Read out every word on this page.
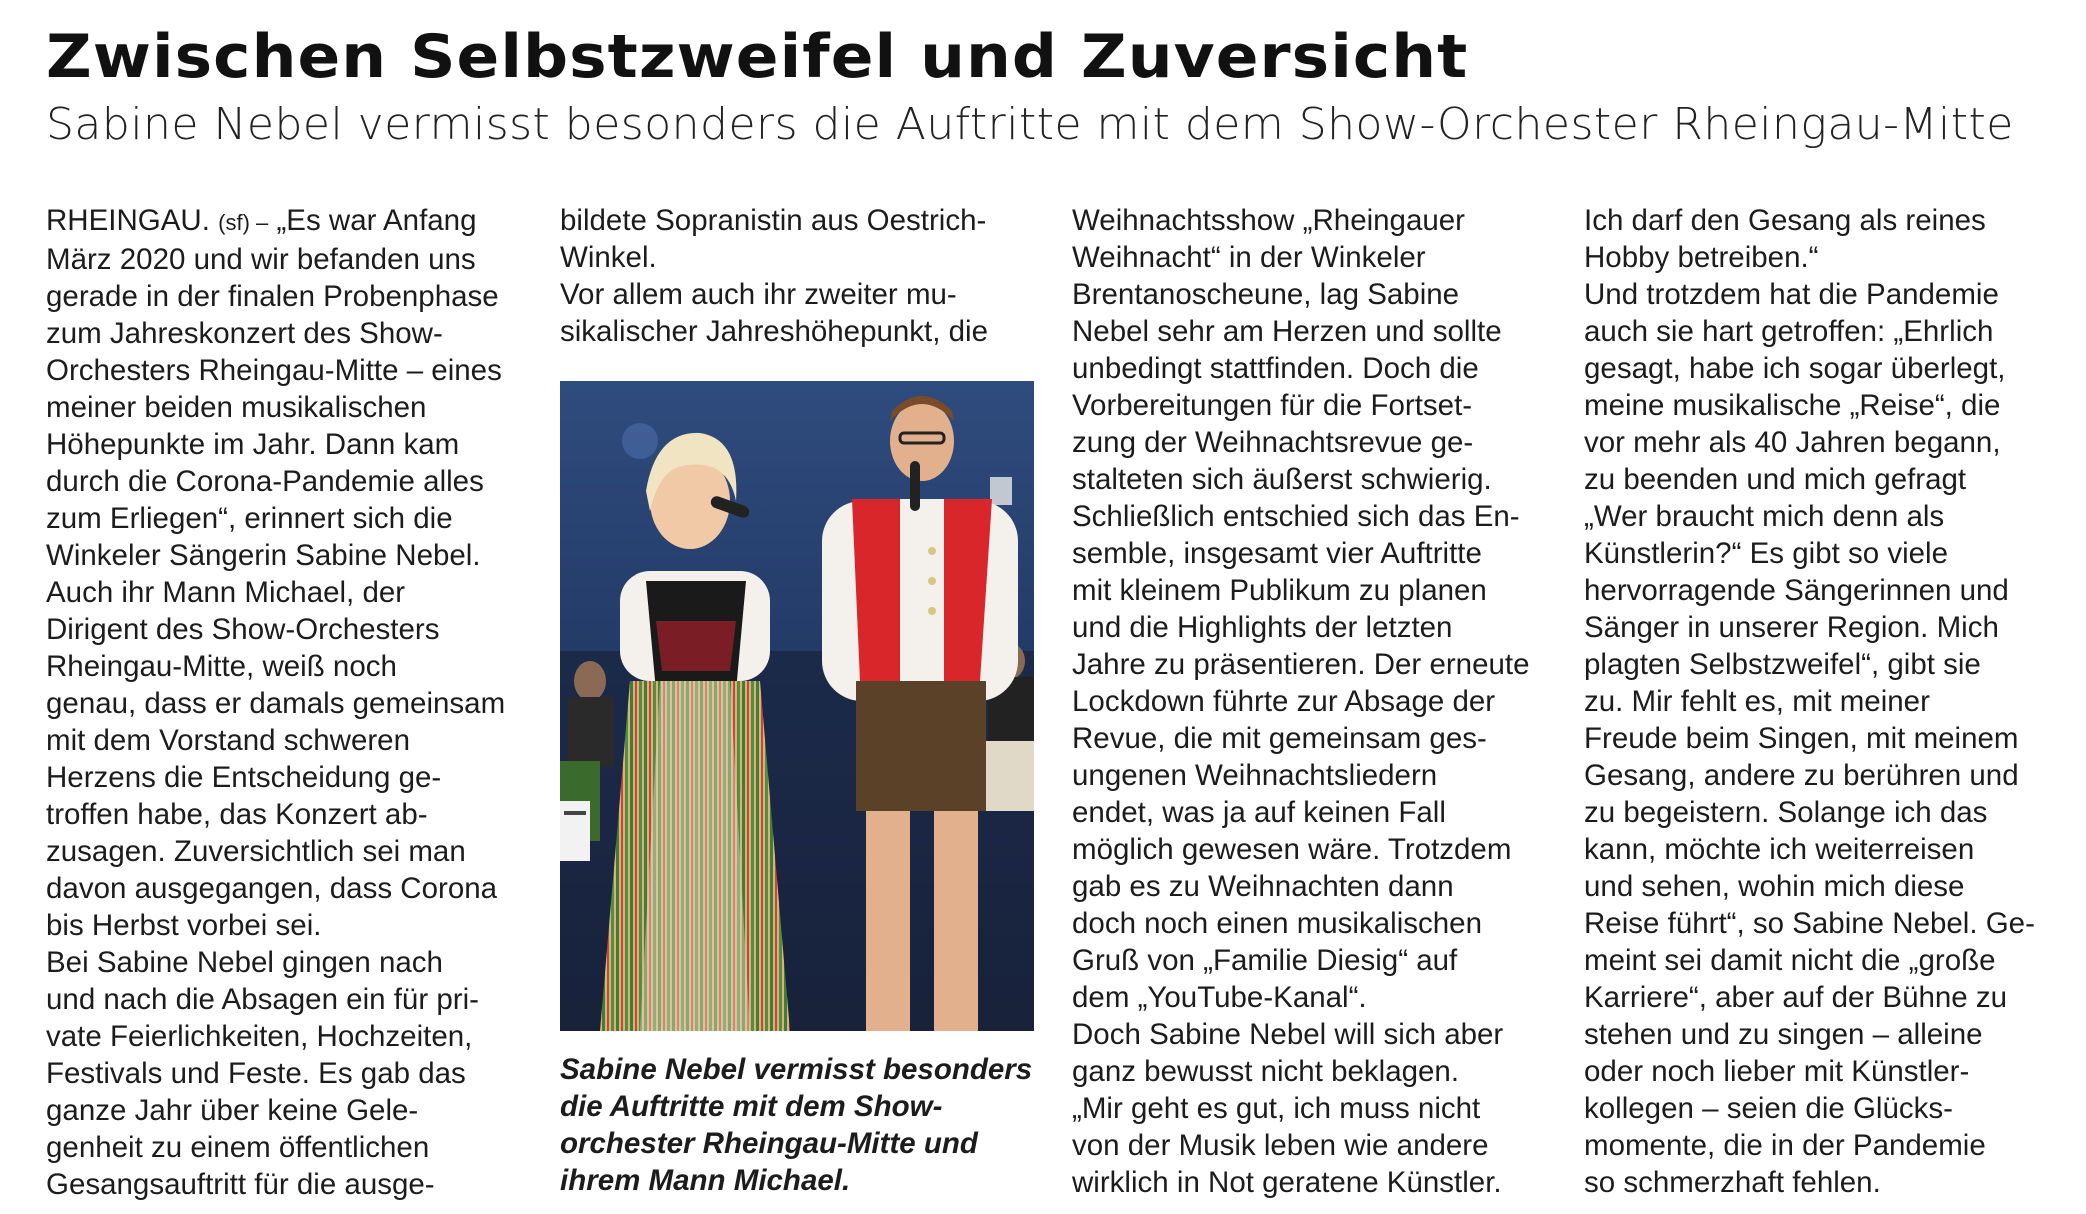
Zwischen Selbstzweifel und Zuversicht
Sabine Nebel vermisst besonders die Auftritte mit dem Show-Orchester Rheingau-Mitte

RHEINGAU. (sf) – „Es war Anfang

März 2020 und wir befanden uns

gerade in der finalen Probenphase

zum Jahreskonzert des Show-

Orchesters Rheingau-Mitte – eines

meiner beiden musikalischen

Höhepunkte im Jahr. Dann kam

durch die Corona-Pandemie alles

zum Erliegen“, erinnert sich die

Winkeler Sängerin Sabine Nebel.

Auch ihr Mann Michael, der

Dirigent des Show-Orchesters

Rheingau-Mitte, weiß noch

genau, dass er damals gemeinsam

mit dem Vorstand schweren

Herzens die Entscheidung ge-

troffen habe, das Konzert ab-

zusagen. Zuversichtlich sei man

davon ausgegangen, dass Corona

bis Herbst vorbei sei.

Bei Sabine Nebel gingen nach

und nach die Absagen ein für pri-

vate Feierlichkeiten, Hochzeiten,

Festivals und Feste. Es gab das

ganze Jahr über keine Gele-

genheit zu einem öffentlichen

Gesangsauftritt für die ausge-

bildete Sopranistin aus Oestrich-

Winkel.

Vor allem auch ihr zweiter mu-

sikalischer Jahreshöhepunkt, die

Sabine Nebel vermisst besonders

die Auftritte mit dem Show-

orchester Rheingau-Mitte und

ihrem Mann Michael.

Weihnachtsshow „Rheingauer

Weihnacht“ in der Winkeler

Brentanoscheune, lag Sabine

Nebel sehr am Herzen und sollte

unbedingt stattfinden. Doch die

Vorbereitungen für die Fortset-

zung der Weihnachtsrevue ge-

stalteten sich äußerst schwierig.

Schließlich entschied sich das En-

semble, insgesamt vier Auftritte

mit kleinem Publikum zu planen

und die Highlights der letzten

Jahre zu präsentieren. Der erneute

Lockdown führte zur Absage der

Revue, die mit gemeinsam ges-

ungenen Weihnachtsliedern

endet, was ja auf keinen Fall

möglich gewesen wäre. Trotzdem

gab es zu Weihnachten dann

doch noch einen musikalischen

Gruß von „Familie Diesig“ auf

dem „YouTube-Kanal“.

Doch Sabine Nebel will sich aber

ganz bewusst nicht beklagen.

„Mir geht es gut, ich muss nicht

von der Musik leben wie andere

wirklich in Not geratene Künstler.

Ich darf den Gesang als reines

Hobby betreiben.“

Und trotzdem hat die Pandemie

auch sie hart getroffen: „Ehrlich

gesagt, habe ich sogar überlegt,

meine musikalische „Reise“, die

vor mehr als 40 Jahren begann,

zu beenden und mich gefragt

„Wer braucht mich denn als

Künstlerin?“ Es gibt so viele

hervorragende Sängerinnen und

Sänger in unserer Region. Mich

plagten Selbstzweifel“, gibt sie

zu. Mir fehlt es, mit meiner

Freude beim Singen, mit meinem

Gesang, andere zu berühren und

zu begeistern. Solange ich das

kann, möchte ich weiterreisen

und sehen, wohin mich diese

Reise führt“, so Sabine Nebel. Ge-

meint sei damit nicht die „große

Karriere“, aber auf der Bühne zu

stehen und zu singen – alleine

oder noch lieber mit Künstler-

kollegen – seien die Glücks-

momente, die in der Pandemie

so schmerzhaft fehlen.
